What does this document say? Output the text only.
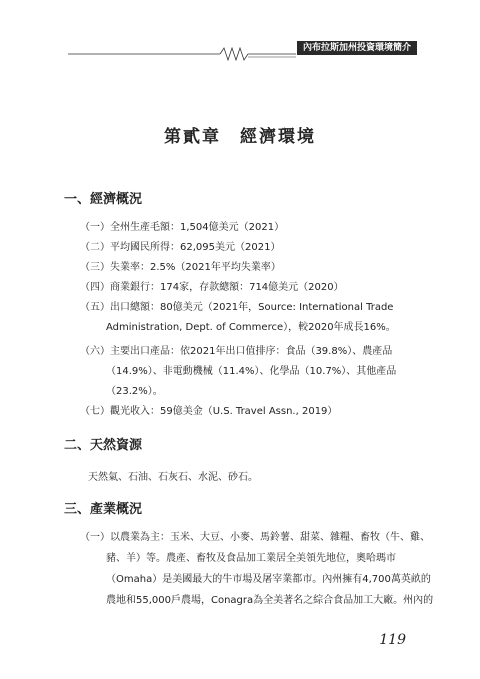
內布拉斯加州投資環境簡介
第貳章　經濟環境
一、經濟概況
（一）全州生產毛額：1,504億美元（2021）
（二）平均國民所得：62,095美元（2021）
（三）失業率：2.5%（2021年平均失業率）
（四）商業銀行：174家，存款總額：714億美元（2020）
（五）出口總額：80億美元（2021年，Source: International Trade
Administration, Dept. of Commerce），較2020年成長16%。
（六）主要出口產品：依2021年出口值排序：食品（39.8%）、農產品
（14.9%）、非電動機械（11.4%）、化學品（10.7%）、其他產品
（23.2%）。
（七）觀光收入：59億美金（U.S. Travel Assn., 2019）
二、天然資源
天然氣、石油、石灰石、水泥、砂石。
三、產業概況
（一）以農業為主：玉米、大豆、小麥、馬鈴薯、甜菜、雜糧、畜牧（牛、雞、
豬、羊）等。農產、畜牧及食品加工業居全美領先地位，奧哈瑪市
（Omaha）是美國最大的牛市場及屠宰業都市。內州擁有4,700萬英畝的
農地和55,000戶農場，Conagra為全美著名之綜合食品加工大廠。州內的
119
